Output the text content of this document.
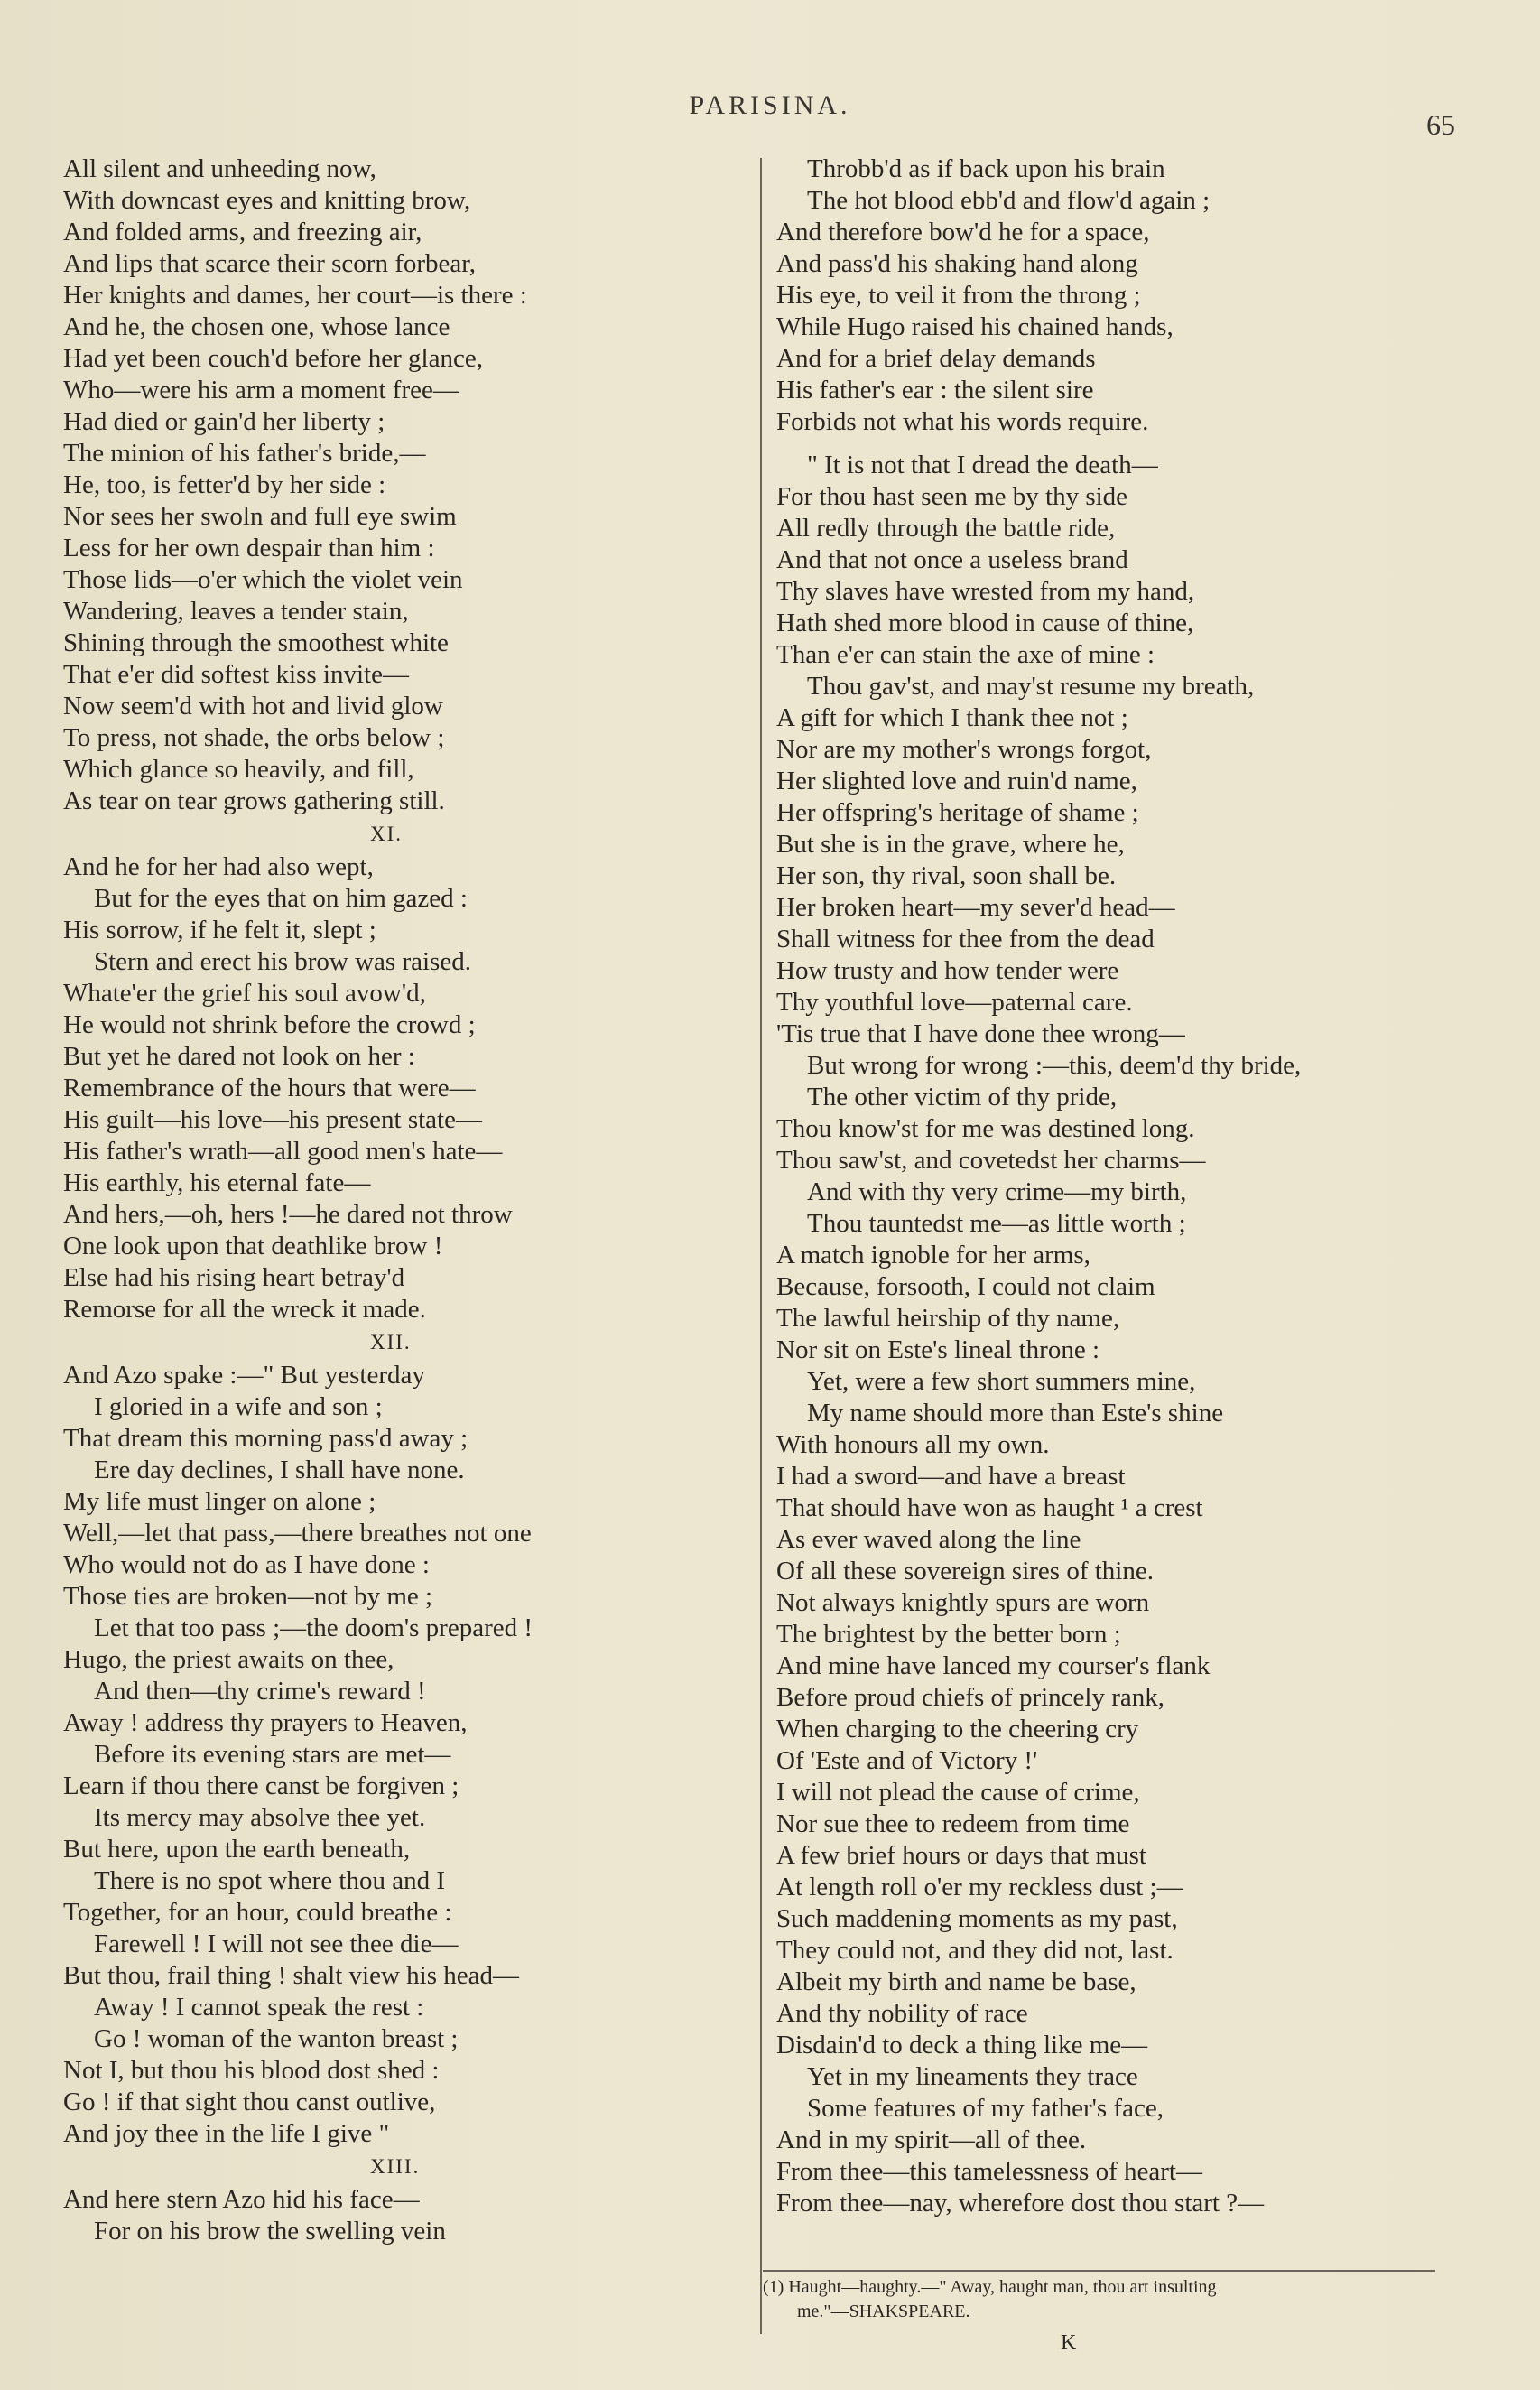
PARISINA.
65
All silent and unheeding now,
With downcast eyes and knitting brow,
And folded arms, and freezing air,
And lips that scarce their scorn forbear,
Her knights and dames, her court—is there :
And he, the chosen one, whose lance
Had yet been couch'd before her glance,
Who—were his arm a moment free—
Had died or gain'd her liberty ;
The minion of his father's bride,—
He, too, is fetter'd by her side :
Nor sees her swoln and full eye swim
Less for her own despair than him :
Those lids—o'er which the violet vein
Wandering, leaves a tender stain,
Shining through the smoothest white
That e'er did softest kiss invite—
Now seem'd with hot and livid glow
To press, not shade, the orbs below ;
Which glance so heavily, and fill,
As tear on tear grows gathering still.
XI.
And he for her had also wept,
But for the eyes that on him gazed :
His sorrow, if he felt it, slept ;
Stern and erect his brow was raised.
Whate'er the grief his soul avow'd,
He would not shrink before the crowd ;
But yet he dared not look on her :
Remembrance of the hours that were—
His guilt—his love—his present state—
His father's wrath—all good men's hate—
His earthly, his eternal fate—
And hers,—oh, hers !—he dared not throw
One look upon that deathlike brow !
Else had his rising heart betray'd
Remorse for all the wreck it made.
XII.
And Azo spake :—" But yesterday
I gloried in a wife and son ;
That dream this morning pass'd away ;
Ere day declines, I shall have none.
My life must linger on alone ;
Well,—let that pass,—there breathes not one
Who would not do as I have done :
Those ties are broken—not by me ;
Let that too pass ;—the doom's prepared !
Hugo, the priest awaits on thee,
And then—thy crime's reward !
Away ! address thy prayers to Heaven,
Before its evening stars are met—
Learn if thou there canst be forgiven ;
Its mercy may absolve thee yet.
But here, upon the earth beneath,
There is no spot where thou and I
Together, for an hour, could breathe :
Farewell ! I will not see thee die—
But thou, frail thing ! shalt view his head—
Away ! I cannot speak the rest :
Go ! woman of the wanton breast ;
Not I, but thou his blood dost shed :
Go ! if that sight thou canst outlive,
And joy thee in the life I give "
XIII.
And here stern Azo hid his face—
For on his brow the swelling vein
Throbb'd as if back upon his brain
The hot blood ebb'd and flow'd again ;
And therefore bow'd he for a space,
And pass'd his shaking hand along
His eye, to veil it from the throng ;
While Hugo raised his chained hands,
And for a brief delay demands
His father's ear : the silent sire
Forbids not what his words require.
" It is not that I dread the death—
For thou hast seen me by thy side
All redly through the battle ride,
And that not once a useless brand
Thy slaves have wrested from my hand,
Hath shed more blood in cause of thine,
Than e'er can stain the axe of mine :
Thou gav'st, and may'st resume my breath,
A gift for which I thank thee not ;
Nor are my mother's wrongs forgot,
Her slighted love and ruin'd name,
Her offspring's heritage of shame ;
But she is in the grave, where he,
Her son, thy rival, soon shall be.
Her broken heart—my sever'd head—
Shall witness for thee from the dead
How trusty and how tender were
Thy youthful love—paternal care.
'Tis true that I have done thee wrong—
But wrong for wrong :—this, deem'd thy bride,
The other victim of thy pride,
Thou know'st for me was destined long.
Thou saw'st, and covetedst her charms—
And with thy very crime—my birth,
Thou tauntedst me—as little worth ;
A match ignoble for her arms,
Because, forsooth, I could not claim
The lawful heirship of thy name,
Nor sit on Este's lineal throne :
Yet, were a few short summers mine,
My name should more than Este's shine
With honours all my own.
I had a sword—and have a breast
That should have won as haught ¹ a crest
As ever waved along the line
Of all these sovereign sires of thine.
Not always knightly spurs are worn
The brightest by the better born ;
And mine have lanced my courser's flank
Before proud chiefs of princely rank,
When charging to the cheering cry
Of 'Este and of Victory !'
I will not plead the cause of crime,
Nor sue thee to redeem from time
A few brief hours or days that must
At length roll o'er my reckless dust ;—
Such maddening moments as my past,
They could not, and they did not, last.
Albeit my birth and name be base,
And thy nobility of race
Disdain'd to deck a thing like me—
Yet in my lineaments they trace
Some features of my father's face,
And in my spirit—all of thee.
From thee—this tamelessness of heart—
From thee—nay, wherefore dost thou start ?—
(1) Haught—haughty.—" Away, haught man, thou art insulting
me."—SHAKSPEARE.
K
